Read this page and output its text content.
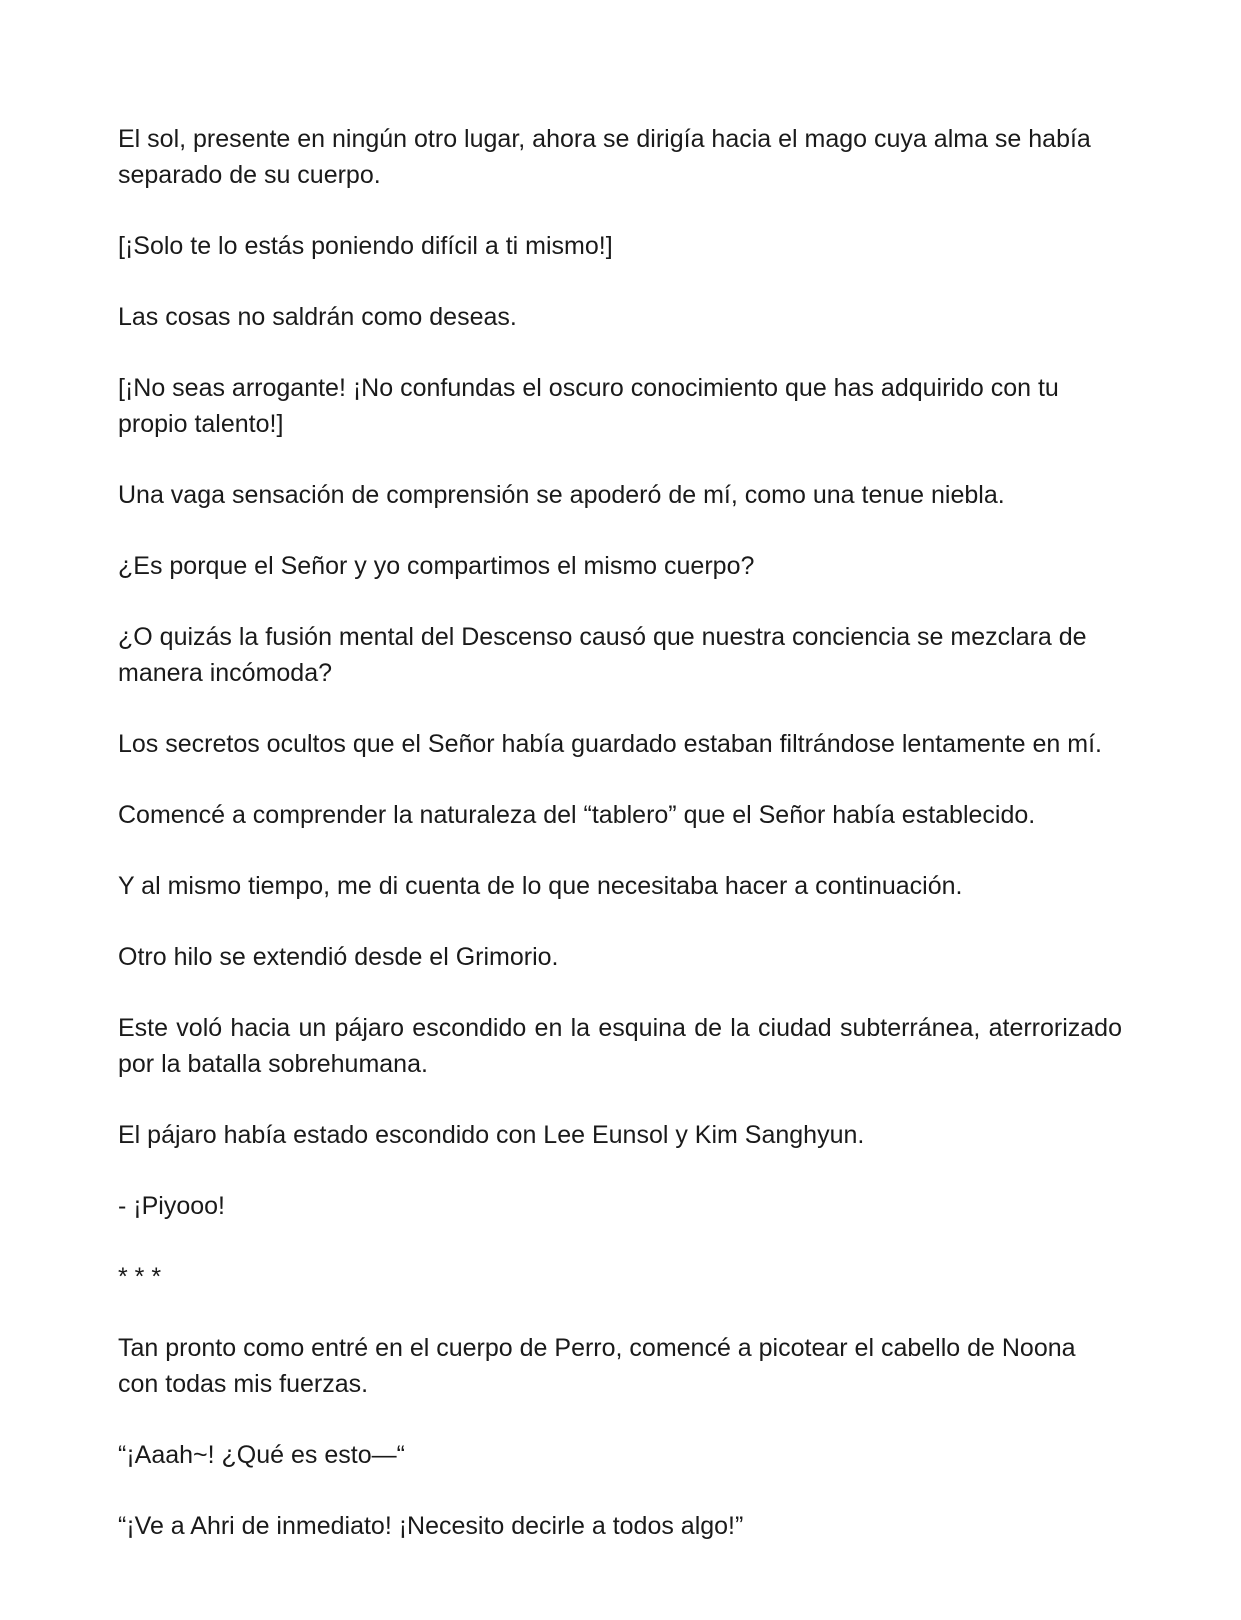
El sol, presente en ningún otro lugar, ahora se dirigía hacia el mago cuya alma se había separado de su cuerpo.

[¡Solo te lo estás poniendo difícil a ti mismo!]

Las cosas no saldrán como deseas.

[¡No seas arrogante! ¡No confundas el oscuro conocimiento que has adquirido con tu propio talento!]

Una vaga sensación de comprensión se apoderó de mí, como una tenue niebla.

¿Es porque el Señor y yo compartimos el mismo cuerpo?

¿O quizás la fusión mental del Descenso causó que nuestra conciencia se mezclara de manera incómoda?

Los secretos ocultos que el Señor había guardado estaban filtrándose lentamente en mí.

Comencé a comprender la naturaleza del “tablero” que el Señor había establecido.

Y al mismo tiempo, me di cuenta de lo que necesitaba hacer a continuación.

Otro hilo se extendió desde el Grimorio.

Este voló hacia un pájaro escondido en la esquina de la ciudad subterránea, aterrorizado por la batalla sobrehumana.

El pájaro había estado escondido con Lee Eunsol y Kim Sanghyun.

- ¡Piyooo!

* * *

Tan pronto como entré en el cuerpo de Perro, comencé a picotear el cabello de Noona con todas mis fuerzas.

“¡Aaah~! ¿Qué es esto—“

“¡Ve a Ahri de inmediato! ¡Necesito decirle a todos algo!”
